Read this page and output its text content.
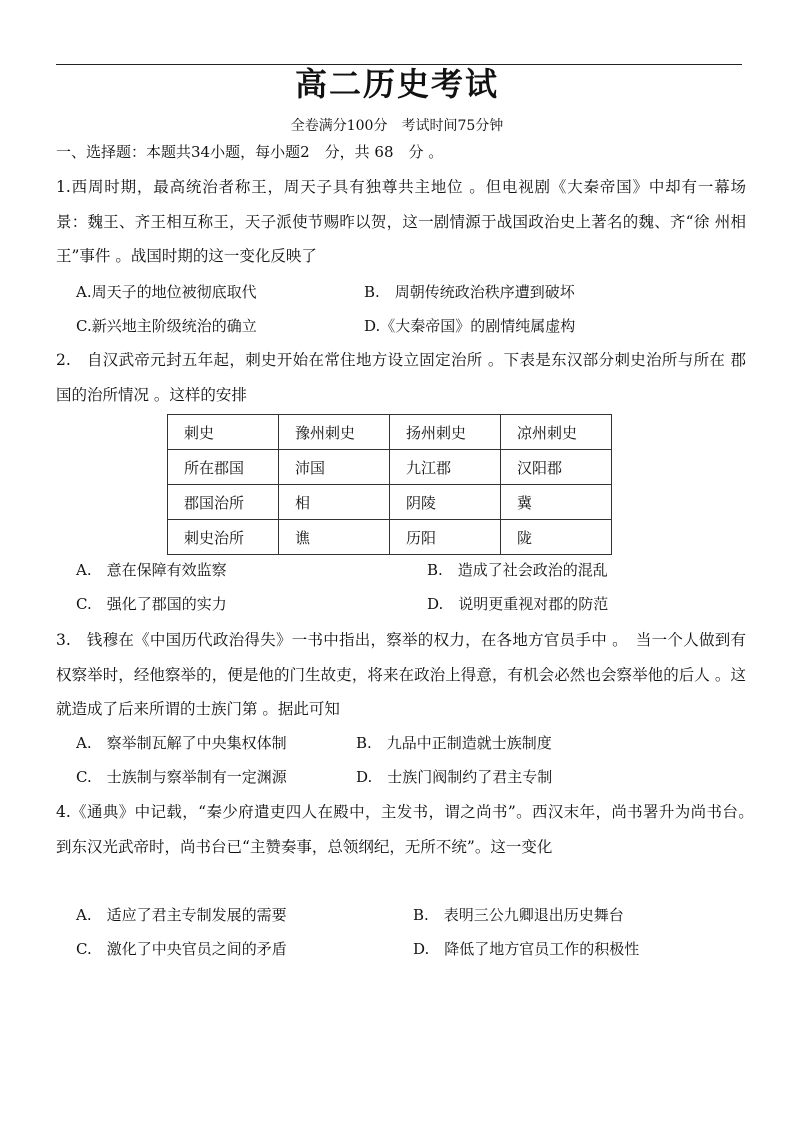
高二历史考试
全卷满分100分　考试时间75分钟
一、选择题：本题共34小题，每小题2　分，共 68　分 。
1.西周时期，最高统治者称王，周天子具有独尊共主地位 。但电视剧《大秦帝国》中却有一幕场　景：魏王、齐王相互称王，天子派使节赐昨以贺，这一剧情源于战国政治史上著名的魏、齐“徐 州相王”事件 。战国时期的这一变化反映了
A.周天子的地位被彻底取代	B.　周朝传统政治秩序遭到破坏
C.新兴地主阶级统治的确立	D.《大秦帝国》的剧情纯属虚构
2.　自汉武帝元封五年起，刺史开始在常住地方设立固定治所 。下表是东汉部分刺史治所与所在 郡国的治所情况 。这样的安排
刺史	豫州刺史	扬州刺史	凉州刺史
所在郡国	沛国	九江郡	汉阳郡
郡国治所	相	阴陵	冀
刺史治所	谯	历阳	陇
A.　意在保障有效监察	B.　造成了社会政治的混乱
C.　强化了郡国的实力	D.　说明更重视对郡的防范
3.　钱穆在《中国历代政治得失》一书中指出，察举的权力，在各地方官员手中 。　当一个人做到有 权察举时，经他察举的，便是他的门生故吏，将来在政治上得意，有机会必然也会察举他的后人 。这就造成了后来所谓的士族门第 。据此可知
A.　察举制瓦解了中央集权体制	B.　九品中正制造就士族制度
C.　士族制与察举制有一定渊源	D.　士族门阀制约了君主专制
4.《通典》中记载，“秦少府遣吏四人在殿中，主发书，谓之尚书”。西汉末年，尚书署升为尚书台。　到东汉光武帝时，尚书台已“主赞奏事，总领纲纪，无所不统”。这一变化
A.　适应了君主专制发展的需要	B.　表明三公九卿退出历史舞台
C.　激化了中央官员之间的矛盾	D.　降低了地方官员工作的积极性
